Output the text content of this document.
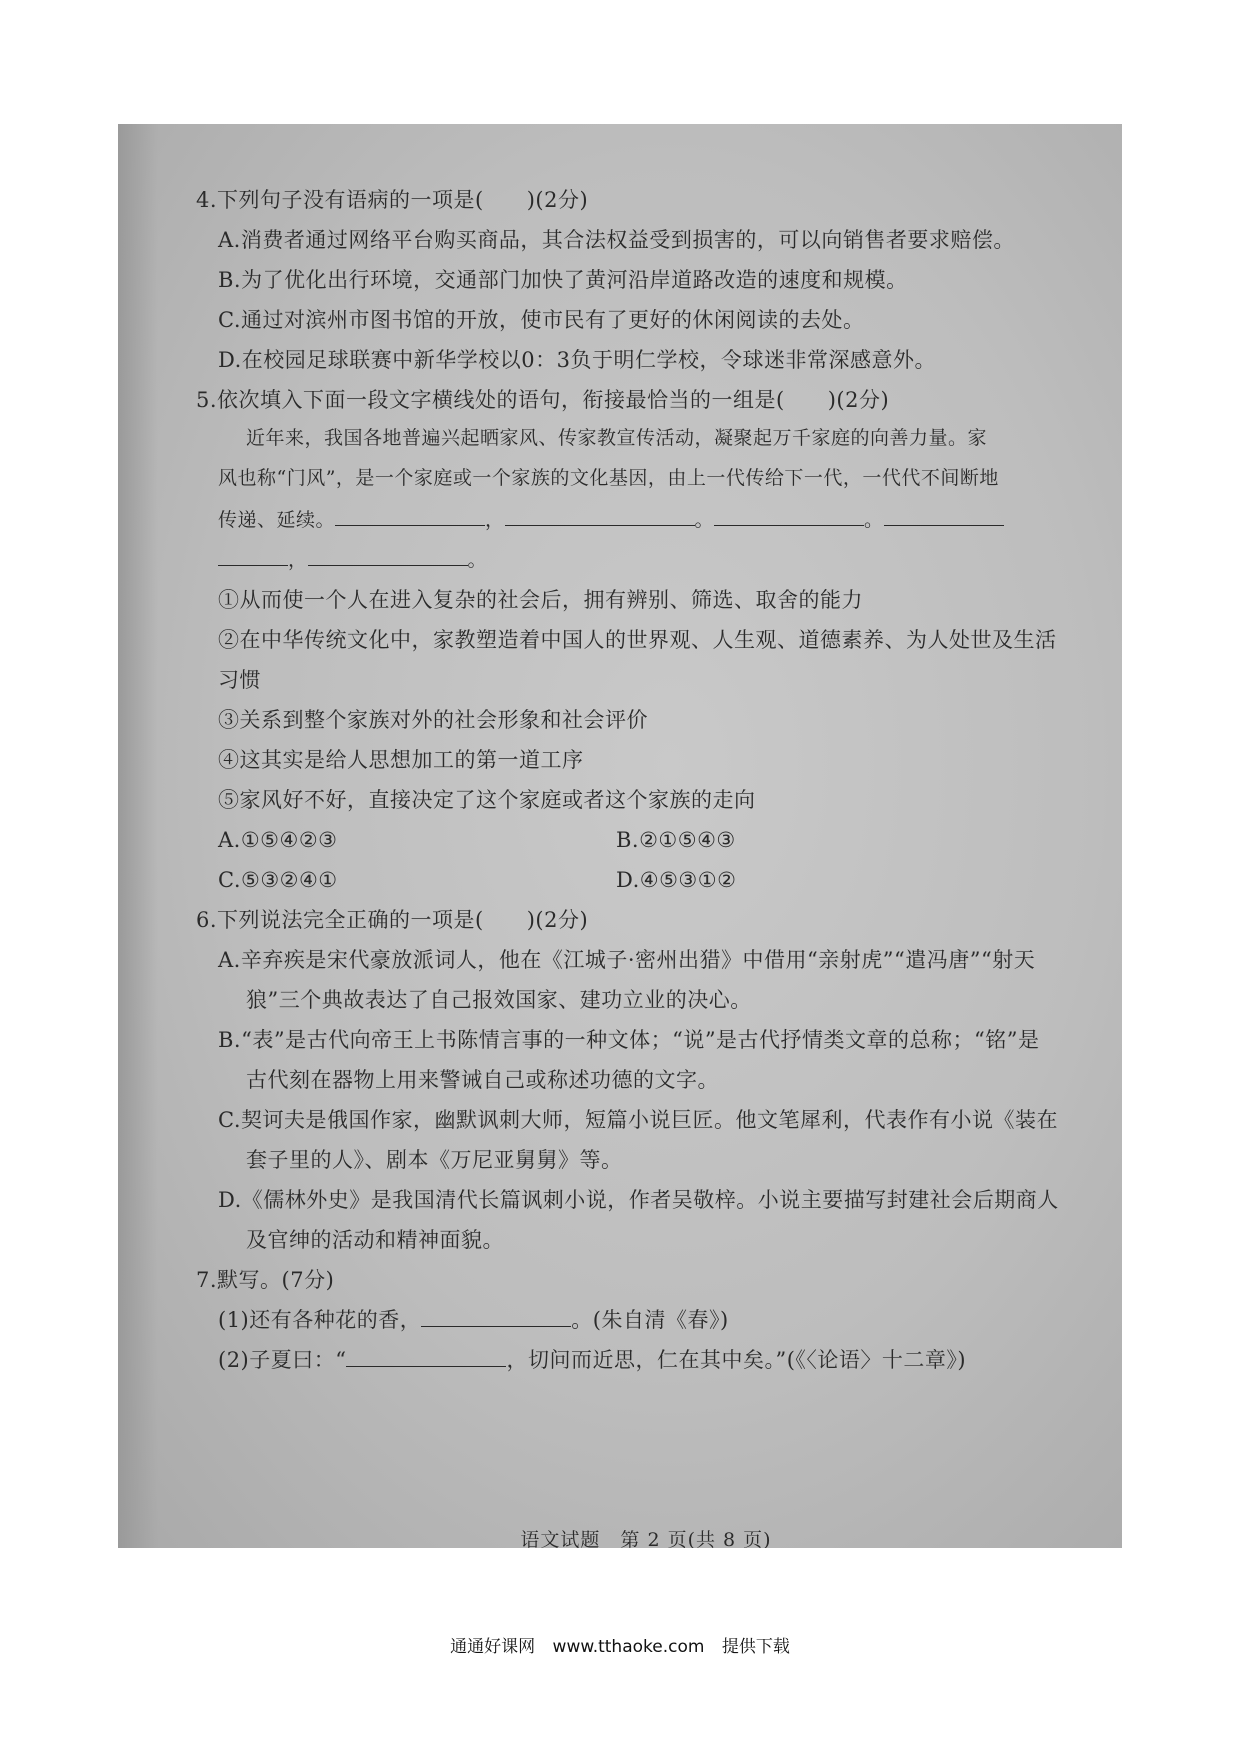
4.下列句子没有语病的一项是(　　)(2分)
A.消费者通过网络平台购买商品，其合法权益受到损害的，可以向销售者要求赔偿。
B.为了优化出行环境，交通部门加快了黄河沿岸道路改造的速度和规模。
C.通过对滨州市图书馆的开放，使市民有了更好的休闲阅读的去处。
D.在校园足球联赛中新华学校以0：3负于明仁学校，令球迷非常深感意外。
5.依次填入下面一段文字横线处的语句，衔接最恰当的一组是(　　)(2分)
近年来，我国各地普遍兴起晒家风、传家教宣传活动，凝聚起万千家庭的向善力量。家
风也称“门风”，是一个家庭或一个家族的文化基因，由上一代传给下一代，一代代不间断地
传递、延续。	，	。	。
，	。
①从而使一个人在进入复杂的社会后，拥有辨别、筛选、取舍的能力
②在中华传统文化中，家教塑造着中国人的世界观、人生观、道德素养、为人处世及生活
习惯
③关系到整个家族对外的社会形象和社会评价
④这其实是给人思想加工的第一道工序
⑤家风好不好，直接决定了这个家庭或者这个家族的走向
A.①⑤④②③	B.②①⑤④③
C.⑤③②④①	D.④⑤③①②
6.下列说法完全正确的一项是(　　)(2分)
A.辛弃疾是宋代豪放派词人，他在《江城子·密州出猎》中借用“亲射虎”“遣冯唐”“射天
狼”三个典故表达了自己报效国家、建功立业的决心。
B.“表”是古代向帝王上书陈情言事的一种文体；“说”是古代抒情类文章的总称；“铭”是
古代刻在器物上用来警诫自己或称述功德的文字。
C.契诃夫是俄国作家，幽默讽刺大师，短篇小说巨匠。他文笔犀利，代表作有小说《装在
套子里的人》、剧本《万尼亚舅舅》等。
D.《儒林外史》是我国清代长篇讽刺小说，作者吴敬梓。小说主要描写封建社会后期商人
及官绅的活动和精神面貌。
7.默写。(7分)
(1)还有各种花的香，	。(朱自清《春》)
(2)子夏曰：“	，切问而近思，仁在其中矣。”(《〈论语〉十二章》)
语文试题　第 2 页(共 8 页)
通通好课网 www.tthaoke.com 提供下载
